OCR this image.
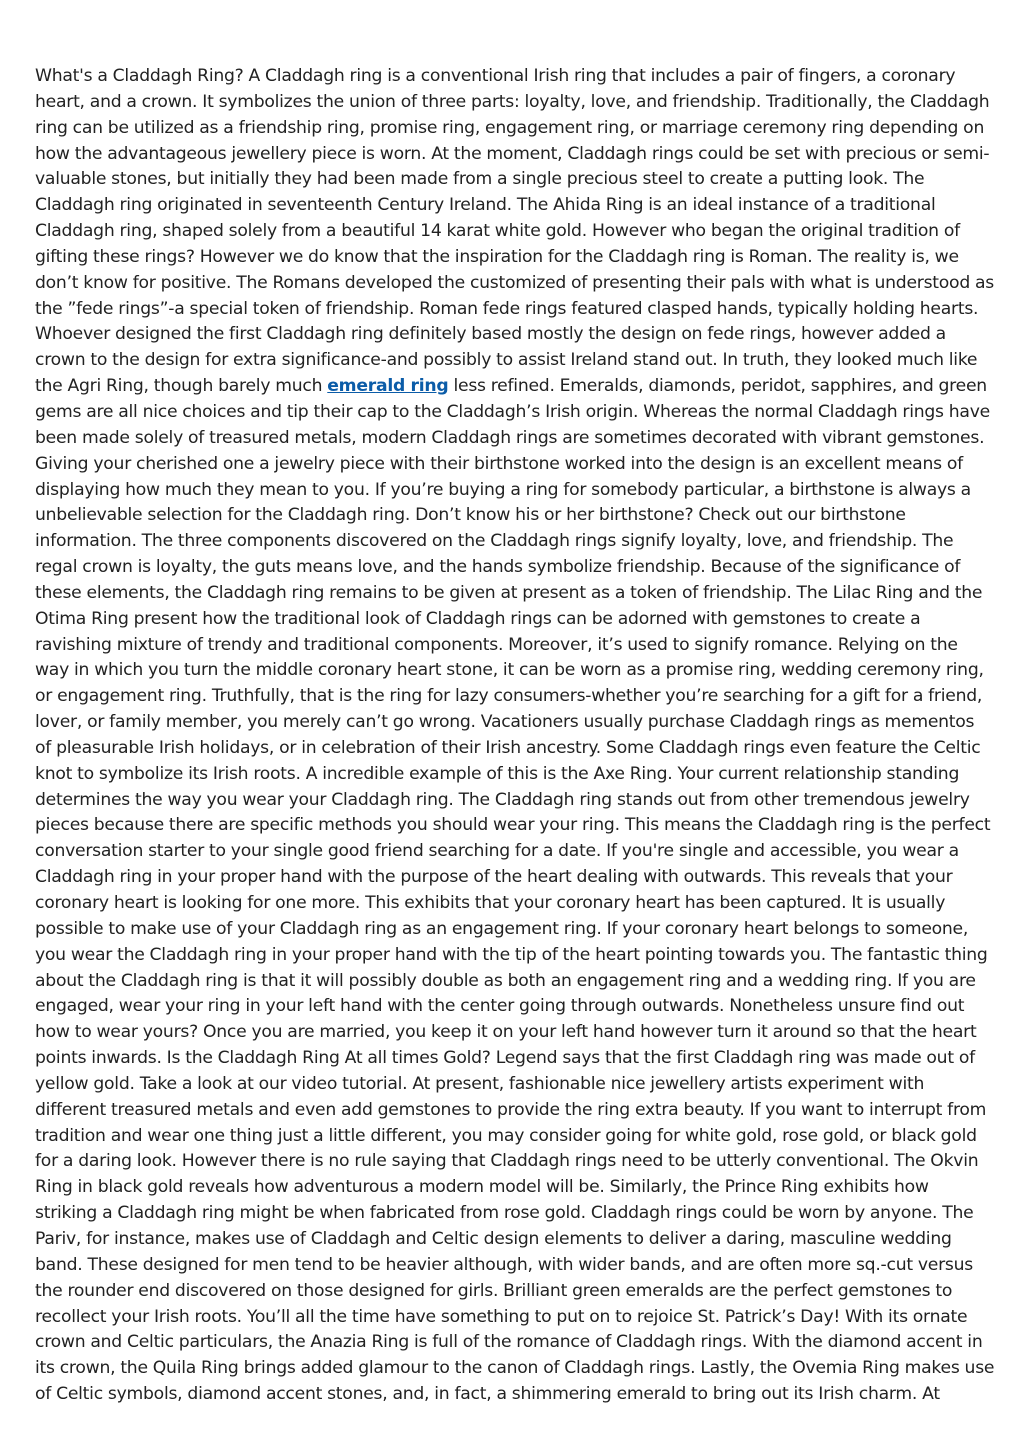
What's a Claddagh Ring? A Claddagh ring is a conventional Irish ring that includes a pair of fingers, a coronary heart, and a crown. It symbolizes the union of three parts: loyalty, love, and friendship. Traditionally, the Claddagh ring can be utilized as a friendship ring, promise ring, engagement ring, or marriage ceremony ring depending on how the advantageous jewellery piece is worn. At the moment, Claddagh rings could be set with precious or semi-valuable stones, but initially they had been made from a single precious steel to create a putting look. The Claddagh ring originated in seventeenth Century Ireland. The Ahida Ring is an ideal instance of a traditional Claddagh ring, shaped solely from a beautiful 14 karat white gold. However who began the original tradition of gifting these rings? However we do know that the inspiration for the Claddagh ring is Roman. The reality is, we don’t know for positive. The Romans developed the customized of presenting their pals with what is understood as the ”fede rings”-a special token of friendship. Roman fede rings featured clasped hands, typically holding hearts. Whoever designed the first Claddagh ring definitely based mostly the design on fede rings, however added a crown to the design for extra significance-and possibly to assist Ireland stand out. In truth, they looked much like the Agri Ring, though barely much emerald ring less refined. Emeralds, diamonds, peridot, sapphires, and green gems are all nice choices and tip their cap to the Claddagh’s Irish origin. Whereas the normal Claddagh rings have been made solely of treasured metals, modern Claddagh rings are sometimes decorated with vibrant gemstones. Giving your cherished one a jewelry piece with their birthstone worked into the design is an excellent means of displaying how much they mean to you. If you’re buying a ring for somebody particular, a birthstone is always a unbelievable selection for the Claddagh ring. Don’t know his or her birthstone? Check out our birthstone information. The three components discovered on the Claddagh rings signify loyalty, love, and friendship. The regal crown is loyalty, the guts means love, and the hands symbolize friendship. Because of the significance of these elements, the Claddagh ring remains to be given at present as a token of friendship. The Lilac Ring and the Otima Ring present how the traditional look of Claddagh rings can be adorned with gemstones to create a ravishing mixture of trendy and traditional components. Moreover, it’s used to signify romance. Relying on the way in which you turn the middle coronary heart stone, it can be worn as a promise ring, wedding ceremony ring, or engagement ring. Truthfully, that is the ring for lazy consumers-whether you’re searching for a gift for a friend, lover, or family member, you merely can’t go wrong. Vacationers usually purchase Claddagh rings as mementos of pleasurable Irish holidays, or in celebration of their Irish ancestry. Some Claddagh rings even feature the Celtic knot to symbolize its Irish roots. A incredible example of this is the Axe Ring. Your current relationship standing determines the way you wear your Claddagh ring. The Claddagh ring stands out from other tremendous jewelry pieces because there are specific methods you should wear your ring. This means the Claddagh ring is the perfect conversation starter to your single good friend searching for a date. If you're single and accessible, you wear a Claddagh ring in your proper hand with the purpose of the heart dealing with outwards. This reveals that your coronary heart is looking for one more. This exhibits that your coronary heart has been captured. It is usually possible to make use of your Claddagh ring as an engagement ring. If your coronary heart belongs to someone, you wear the Claddagh ring in your proper hand with the tip of the heart pointing towards you. The fantastic thing about the Claddagh ring is that it will possibly double as both an engagement ring and a wedding ring. If you are engaged, wear your ring in your left hand with the center going through outwards. Nonetheless unsure find out how to wear yours? Once you are married, you keep it on your left hand however turn it around so that the heart points inwards. Is the Claddagh Ring At all times Gold? Legend says that the first Claddagh ring was made out of yellow gold. Take a look at our video tutorial. At present, fashionable nice jewellery artists experiment with different treasured metals and even add gemstones to provide the ring extra beauty. If you want to interrupt from tradition and wear one thing just a little different, you may consider going for white gold, rose gold, or black gold for a daring look. However there is no rule saying that Claddagh rings need to be utterly conventional. The Okvin Ring in black gold reveals how adventurous a modern model will be. Similarly, the Prince Ring exhibits how striking a Claddagh ring might be when fabricated from rose gold. Claddagh rings could be worn by anyone. The Pariv, for instance, makes use of Claddagh and Celtic design elements to deliver a daring, masculine wedding band. These designed for men tend to be heavier although, with wider bands, and are often more sq.-cut versus the rounder end discovered on those designed for girls. Brilliant green emeralds are the perfect gemstones to recollect your Irish roots. You’ll all the time have something to put on to rejoice St. Patrick’s Day! With its ornate crown and Celtic particulars, the Anazia Ring is full of the romance of Claddagh rings. With the diamond accent in its crown, the Quila Ring brings added glamour to the canon of Claddagh rings. Lastly, the Ovemia Ring makes use of Celtic symbols, diamond accent stones, and, in fact, a shimmering emerald to bring out its Irish charm. At
